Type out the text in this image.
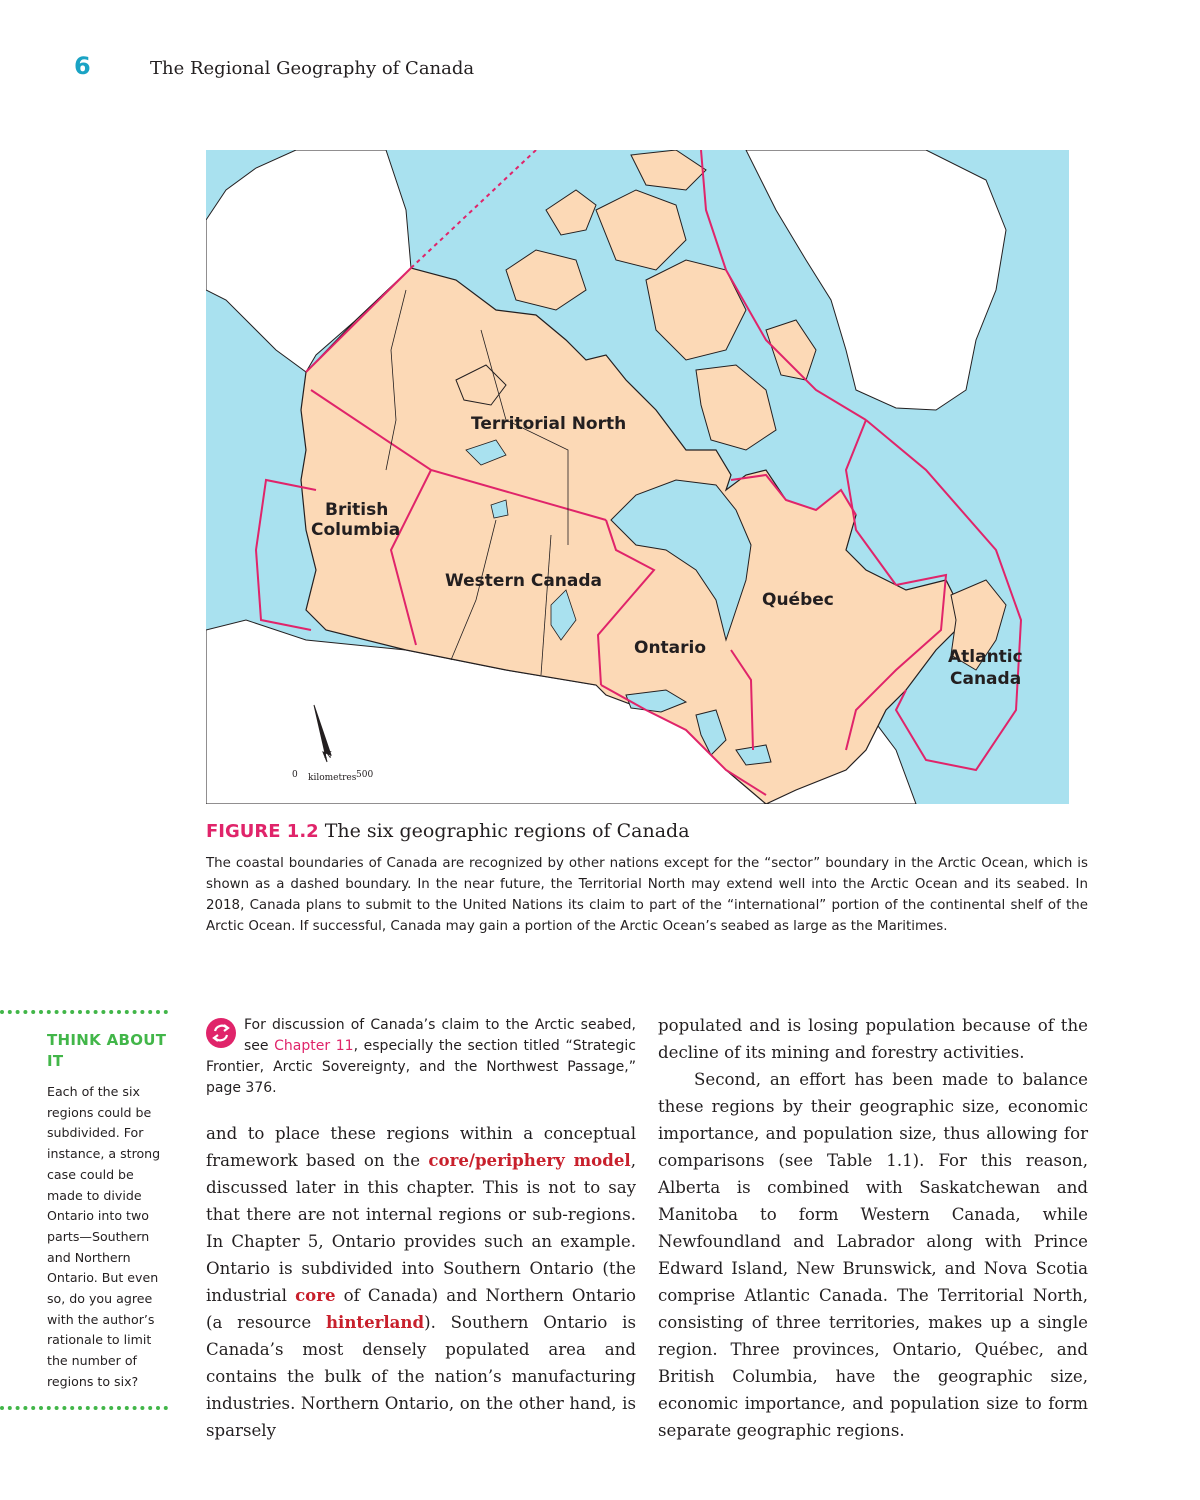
6	The Regional Geography of Canada
Territorial North
British
Columbia
Western Canada
Québec
Ontario	Atlantic
Canada
N
0	500
kilometres
FIGURE 1.2 The six geographic regions of Canada
The coastal boundaries of Canada are recognized by other nations except for the “sector” boundary in the Arctic Ocean, which is shown as a dashed boundary. In the near future, the Territorial North may extend well into the Arctic Ocean and its seabed. In 2018, Canada plans to submit to the United Nations its claim to part of the “international” portion of the continental shelf of the Arctic Ocean. If successful, Canada may gain a portion of the Arctic Ocean’s seabed as large as the Maritimes.
THINK ABOUT IT
Each of the six regions could be subdivided. For instance, a strong case could be made to divide Ontario into two parts—Southern and Northern Ontario. But even so, do you agree with the author’s rationale to limit the number of regions to six?
For discussion of Canada’s claim to the Arctic seabed, see Chapter 11, especially the section titled “Strategic Frontier, Arctic Sovereignty, and the Northwest Passage,” page 376.

and to place these regions within a conceptual framework based on the core/periphery model, discussed later in this chapter. This is not to say that there are not internal regions or sub-regions. In Chapter 5, Ontario provides such an example. Ontario is subdivided into Southern Ontario (the industrial core of Canada) and Northern Ontario (a resource hinterland). Southern Ontario is Canada’s most densely populated area and contains the bulk of the nation’s manufacturing industries. Northern Ontario, on the other hand, is sparsely

populated and is losing population because of the decline of its mining and forestry activities.

Second, an effort has been made to balance these regions by their geographic size, economic importance, and population size, thus allowing for comparisons (see Table 1.1). For this reason, Alberta is combined with Saskatchewan and Manitoba to form Western Canada, while Newfoundland and Labrador along with Prince Edward Island, New Brunswick, and Nova Scotia comprise Atlantic Canada. The Territorial North, consisting of three territories, makes up a single region. Three provinces, Ontario, Québec, and British Columbia, have the geographic size, economic importance, and population size to form separate geographic regions.
